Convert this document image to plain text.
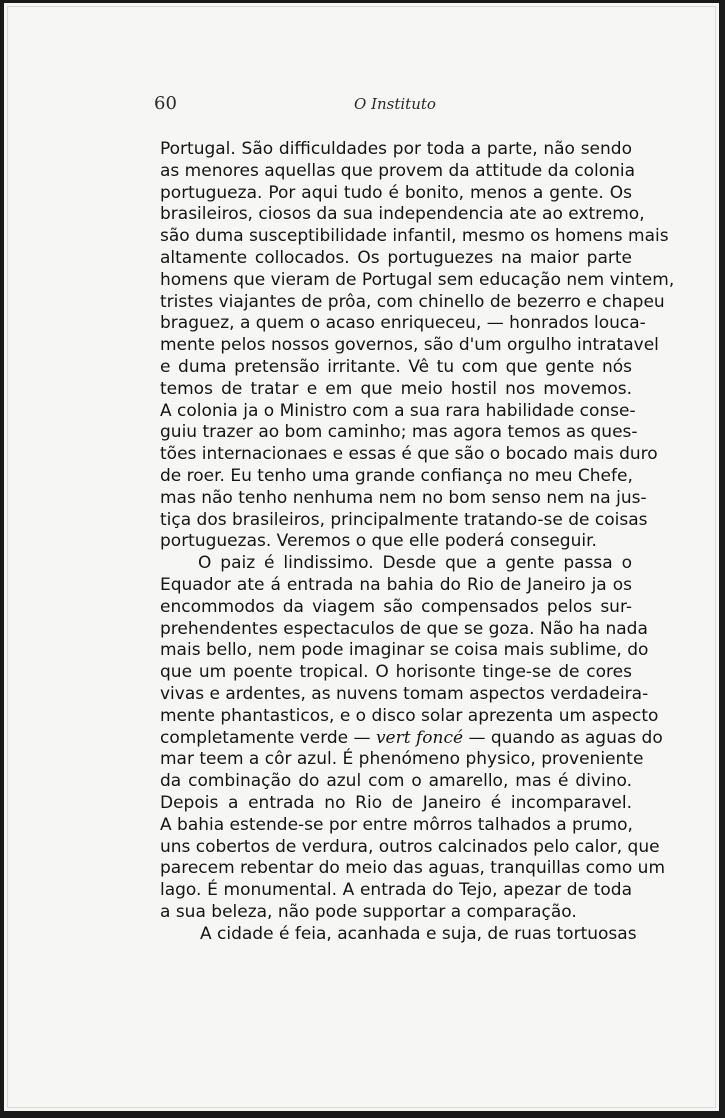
60	O Instituto
Portugal. São difficuldades por toda a parte, não sendo
as menores aquellas que provem da attitude da colonia
portugueza. Por aqui tudo é bonito, menos a gente. Os
brasileiros, ciosos da sua independencia ate ao extremo,
são duma susceptibilidade infantil, mesmo os homens mais
altamente collocados. Os portuguezes na maior parte
homens que vieram de Portugal sem educação nem vintem,
tristes viajantes de prôa, com chinello de bezerro e chapeu
braguez, a quem o acaso enriqueceu, — honrados louca-
mente pelos nossos governos, são d'um orgulho intratavel
e duma pretensão irritante. Vê tu com que gente nós
temos de tratar e em que meio hostil nos movemos.
A colonia ja o Ministro com a sua rara habilidade conse-
guiu trazer ao bom caminho; mas agora temos as ques-
tões internacionaes e essas é que são o bocado mais duro
de roer. Eu tenho uma grande confiança no meu Chefe,
mas não tenho nenhuma nem no bom senso nem na jus-
tiça dos brasileiros, principalmente tratando-se de coisas
portuguezas. Veremos o que elle poderá conseguir.
O paiz é lindissimo. Desde que a gente passa o
Equador ate á entrada na bahia do Rio de Janeiro ja os
encommodos da viagem são compensados pelos sur-
prehendentes espectaculos de que se goza. Não ha nada
mais bello, nem pode imaginar se coisa mais sublime, do
que um poente tropical. O horisonte tinge-se de cores
vivas e ardentes, as nuvens tomam aspectos verdadeira-
mente phantasticos, e o disco solar aprezenta um aspecto
completamente verde — vert foncé — quando as aguas do
mar teem a côr azul. É phenómeno physico, proveniente
da combinação do azul com o amarello, mas é divino.
Depois a entrada no Rio de Janeiro é incomparavel.
A bahia estende-se por entre môrros talhados a prumo,
uns cobertos de verdura, outros calcinados pelo calor, que
parecem rebentar do meio das aguas, tranquillas como um
lago. É monumental. A entrada do Tejo, apezar de toda
a sua beleza, não pode supportar a comparação.
A cidade é feia, acanhada e suja, de ruas tortuosas
